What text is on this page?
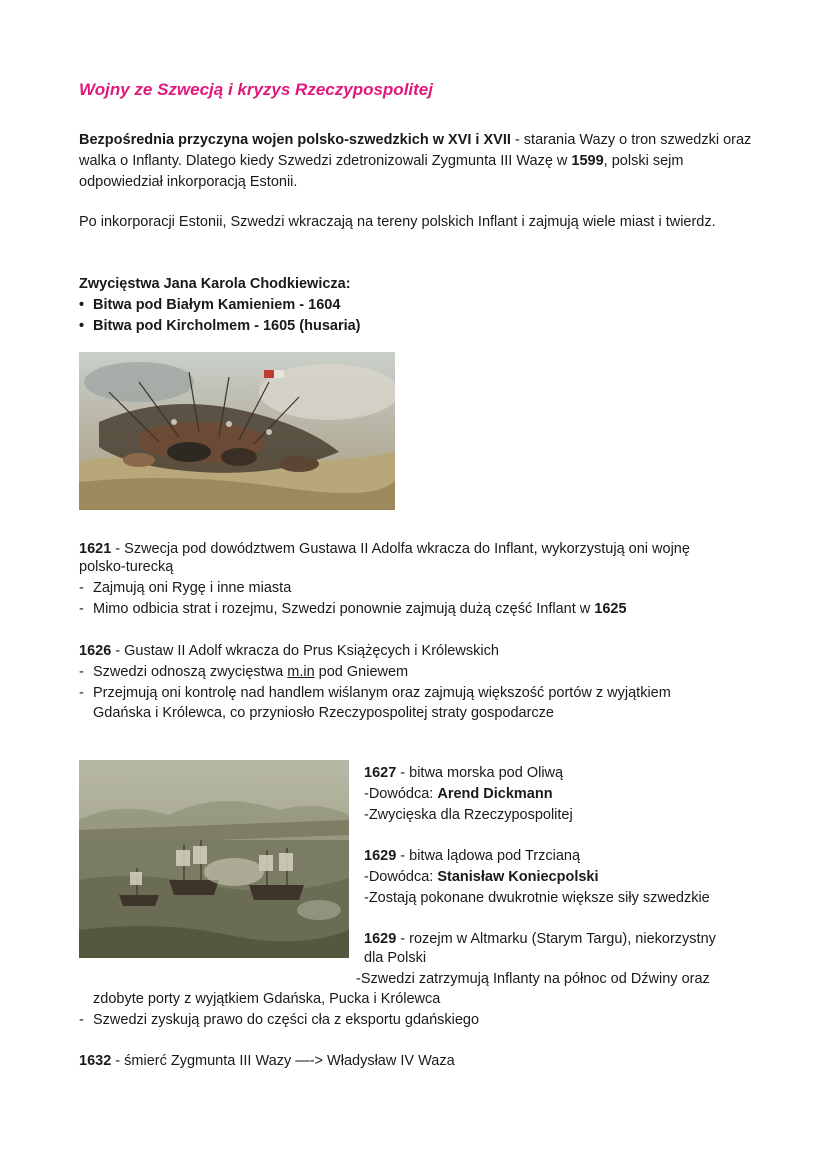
Wojny ze Szwecją i kryzys Rzeczypospolitej
Bezpośrednia przyczyna wojen polsko-szwedzkich w XVI i XVII - starania Wazy o tron szwedzki oraz walka o Inflanty. Dlatego kiedy Szwedzi zdetronizowali Zygmunta III Wazę w 1599, polski sejm odpowiedział inkorporacją Estonii.
Po inkorporacji Estonii, Szwedzi wkraczają na tereny polskich Inflant i zajmują wiele miast i twierdz.
Zwycięstwa Jana Karola Chodkiewicza:
• Bitwa pod Białym Kamieniem - 1604
• Bitwa pod Kircholmem - 1605 (husaria)
1621 - Szwecja pod dowództwem Gustawa II Adolfa wkracza do Inflant, wykorzystują oni wojnę
polsko-turecką
- Zajmują oni Rygę i inne miasta
- Mimo odbicia strat i rozejmu, Szwedzi ponownie zajmują dużą część Inflant w 1625
1626 - Gustaw II Adolf wkracza do Prus Książęcych i Królewskich
- Szwedzi odnoszą zwycięstwa m.in pod Gniewem
- Przejmują oni kontrolę nad handlem wiślanym oraz zajmują większość portów z wyjątkiem
Gdańska i Królewca, co przyniosło Rzeczypospolitej straty gospodarcze
1627 - bitwa morska pod Oliwą
-Dowódca: Arend Dickmann
-Zwycięska dla Rzeczypospolitej
1629 - bitwa lądowa pod Trzcianą
-Dowódca: Stanisław Koniecpolski
-Zostają pokonane dwukrotnie większe siły szwedzkie
1629 - rozejm w Altmarku (Starym Targu), niekorzystny
dla Polski
-Szwedzi zatrzymują Inflanty na północ od Dźwiny oraz
zdobyte porty z wyjątkiem Gdańska, Pucka i Królewca
- Szwedzi zyskują prawo do części cła z eksportu gdańskiego
1632 - śmierć Zygmunta III Wazy —-> Władysław IV Waza
